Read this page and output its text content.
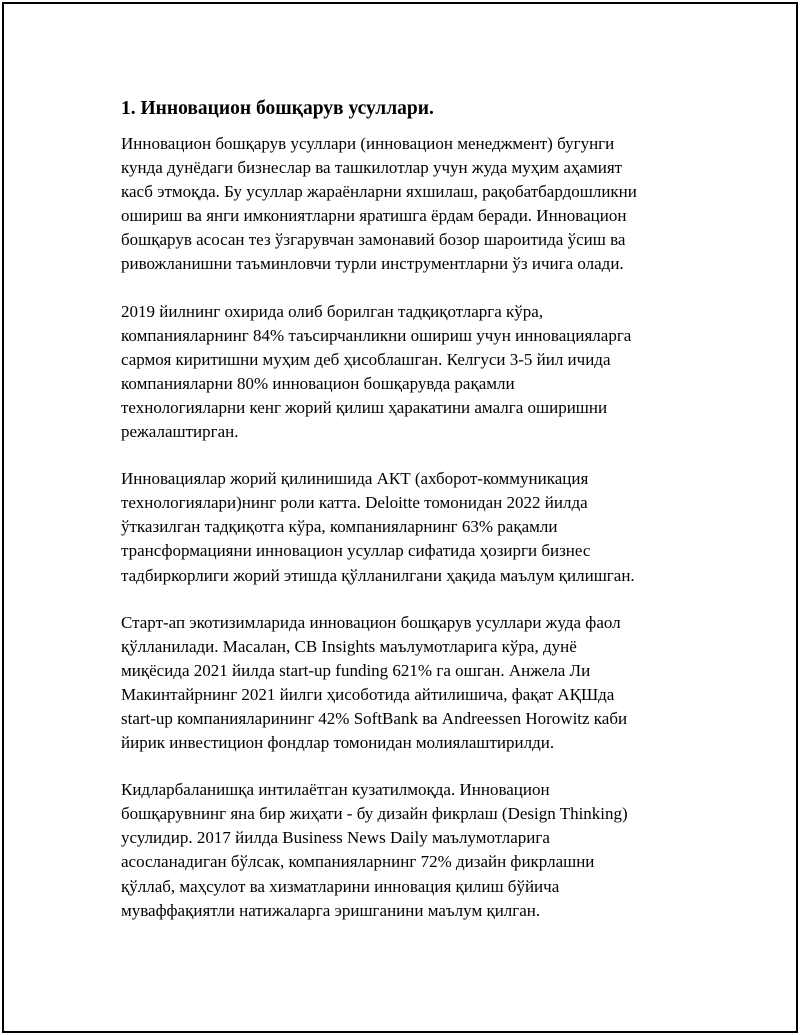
1. Инновацион бошқарув усуллари.

Инновацион бошқарув усуллари (инновацион менеджмент) бугунги
кунда дунёдаги бизнеслар ва ташкилотлар учун жуда муҳим аҳамият
касб этмоқда. Бу усуллар жараёнларни яхшилаш, рақобатбардошликни
ошириш ва янги имкониятларни яратишга ёрдам беради. Инновацион
бошқарув асосан тез ўзгарувчан замонавий бозор шароитида ўсиш ва
ривожланишни таъминловчи турли инструментларни ўз ичига олади.

2019 йилнинг охирида олиб борилган тадқиқотларга кўра,
компанияларнинг 84% таъсирчанликни ошириш учун инновацияларга
сармоя киритишни муҳим деб ҳисоблашган. Келгуси 3-5 йил ичида
компанияларни 80% инновацион бошқарувда рақамли
технологияларни кенг жорий қилиш ҳаракатини амалга оширишни
режалаштирган.

Инновациялар жорий қилинишида АКТ (ахборот-коммуникация
технологиялари)нинг роли катта. Deloitte томонидан 2022 йилда
ўтказилган тадқиқотга кўра, компанияларнинг 63% рақамли
трансформацияни инновацион усуллар сифатида ҳозирги бизнес
тадбиркорлиги жорий этишда қўлланилгани ҳақида маълум қилишган.

Старт-ап экотизимларида инновацион бошқарув усуллари жуда фаол
қўлланилади. Масалан, CB Insights маълумотларига кўра, дунё
миқёсида 2021 йилда start-up funding 621% га ошган. Анжела Ли
Макинтайрнинг 2021 йилги ҳисоботида айтилишича, фақат АҚШда
start-up компанияларининг 42% SoftBank ва Andreessen Horowitz каби
йирик инвестицион фондлар томонидан молиялаштирилди.

Кидларбаланишқа интилаётган кузатилмоқда. Инновацион
бошқарувнинг яна бир жиҳати - бу дизайн фикрлаш (Design Thinking)
усулидир. 2017 йилда Business News Daily маълумотларига
асосланадиган бўлсак, компанияларнинг 72% дизайн фикрлашни
қўллаб, маҳсулот ва хизматларини инновация қилиш бўйича
муваффақиятли натижаларга эришганини маълум қилган.
